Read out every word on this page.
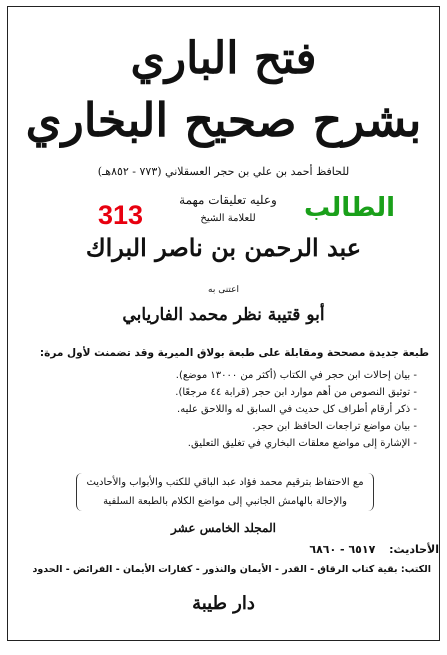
فتح الباري
بشرح صحيح البخاري
للحافظ أحمد بن علي بن حجر العسقلاني (٧٧٣ - ٨٥٢هـ)
وعليه تعليقات مهمة
للعلامة الشيخ
313	الطالب
عبد الرحمن بن ناصر البراك
اعتنى به
أبو قتيبة نظر محمد الفاريابي
طبعة جديدة مصححة ومقابلة على طبعة بولاق الميرية وقد تضمنت لأول مرة:
- بيان إحالات ابن حجر في الكتاب (أكثر من ١٣٠٠٠ موضع).
- توثيق النصوص من أهم موارد ابن حجر (قرابة ٤٤ مرجعًا).
- ذكر أرقام أطراف كل حديث في السابق له واللاحق عليه.
- بيان مواضع تراجعات الحافظ ابن حجر.
- الإشارة إلى مواضع معلقات البخاري في تغليق التعليق.
مع الاحتفاظ بترقيم محمد فؤاد عبد الباقي للكتب والأبواب والأحاديث
والإحالة بالهامش الجانبي إلى مواضع الكلام بالطبعة السلفية
المجلد الخامس عشر
الأحاديث: ٦٥١٧ - ٦٨٦٠
الكتب: بقية كتاب الرقاق - القدر - الأيمان والنذور - كفارات الأيمان - الفرائض - الحدود
دار طيبة
